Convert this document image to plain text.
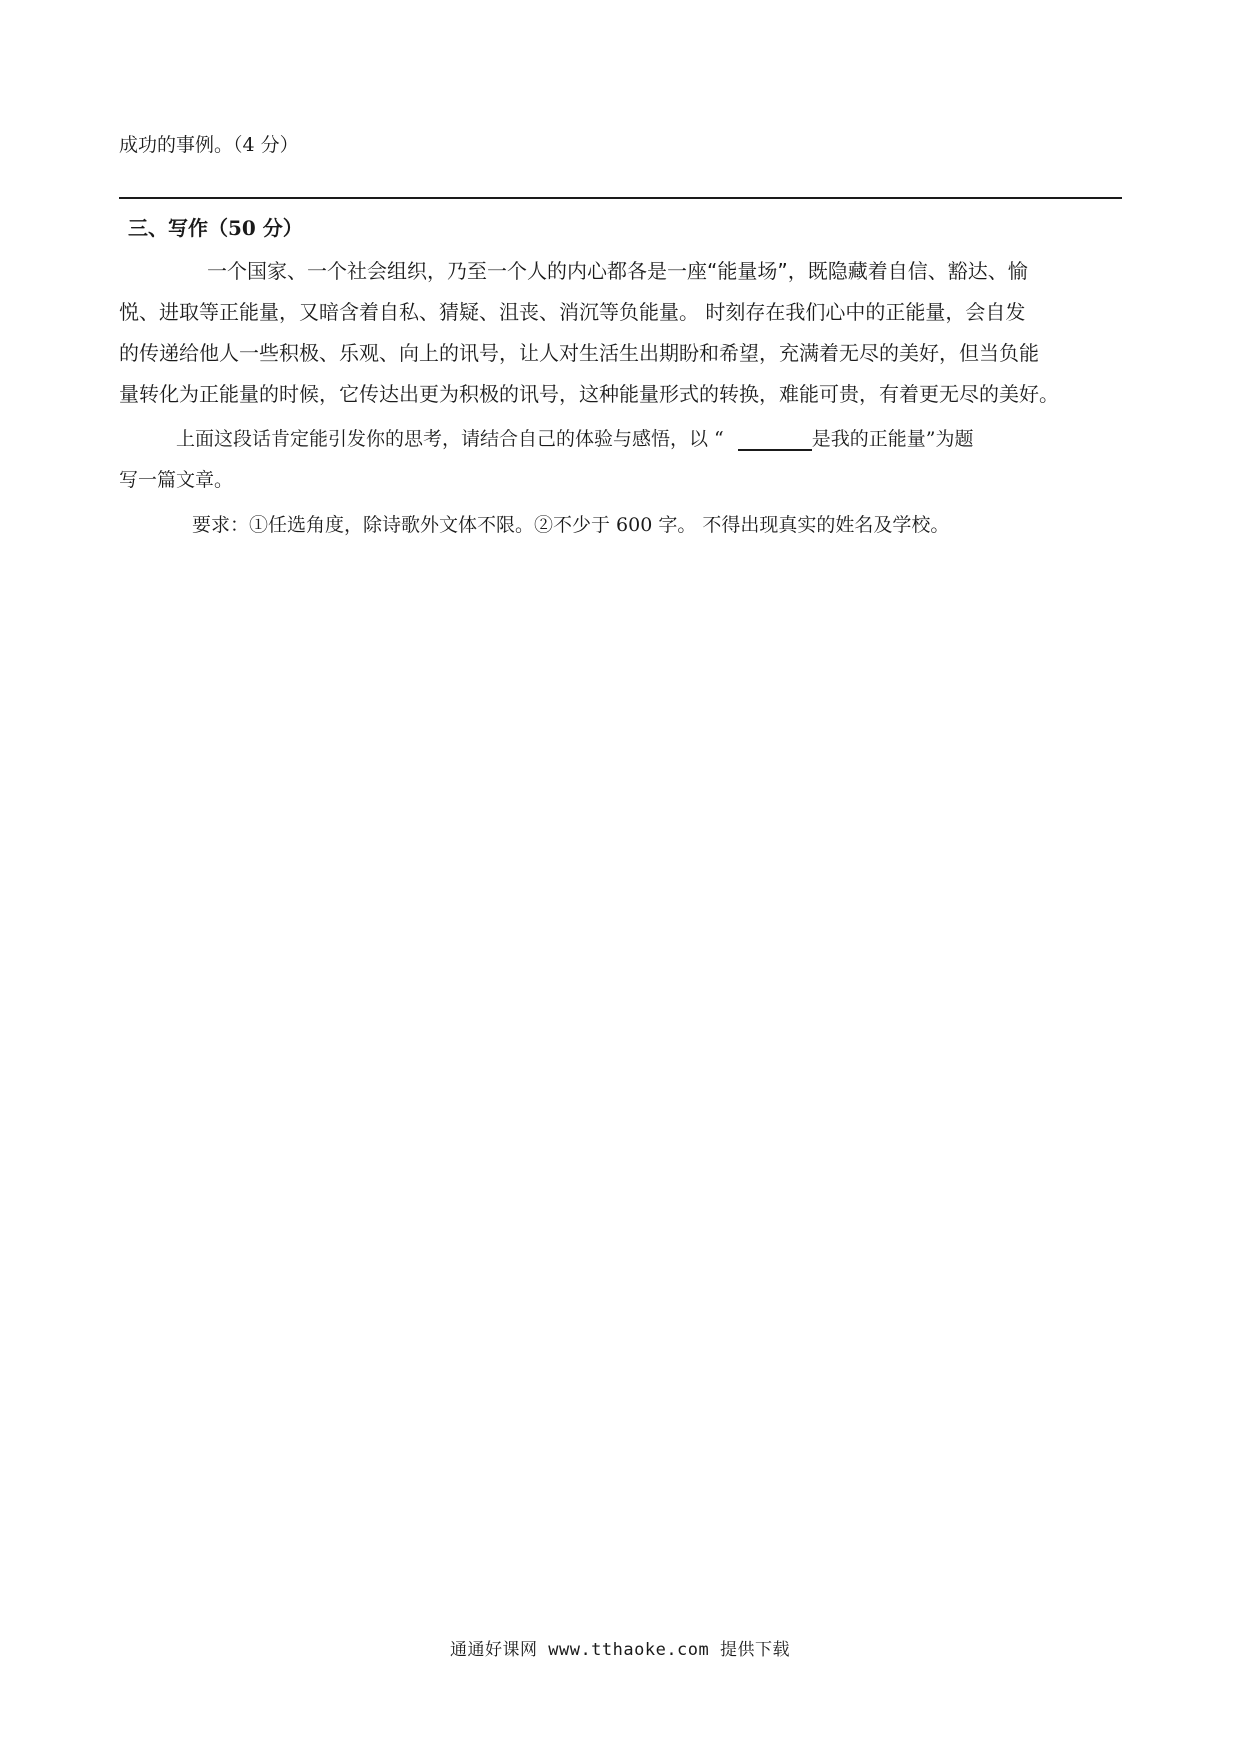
成功的事例。（4 分）
三、写作（50 分）
一个国家、一个社会组织，乃至一个人的内心都各是一座“能量场”，既隐藏着自信、豁达、愉
悦、进取等正能量，又暗含着自私、猜疑、沮丧、消沉等负能量。 时刻存在我们心中的正能量，会自发
的传递给他人一些积极、乐观、向上的讯号，让人对生活生出期盼和希望，充满着无尽的美好，但当负能
量转化为正能量的时候，它传达出更为积极的讯号，这种能量形式的转换，难能可贵，有着更无尽的美好。
上面这段话肯定能引发你的思考，请结合自己的体验与感悟，以 “	是我的正能量”为题
写一篇文章。
要求：①任选角度，除诗歌外文体不限。②不少于 600 字。 不得出现真实的姓名及学校。
通通好课网 www.tthaoke.com 提供下载
